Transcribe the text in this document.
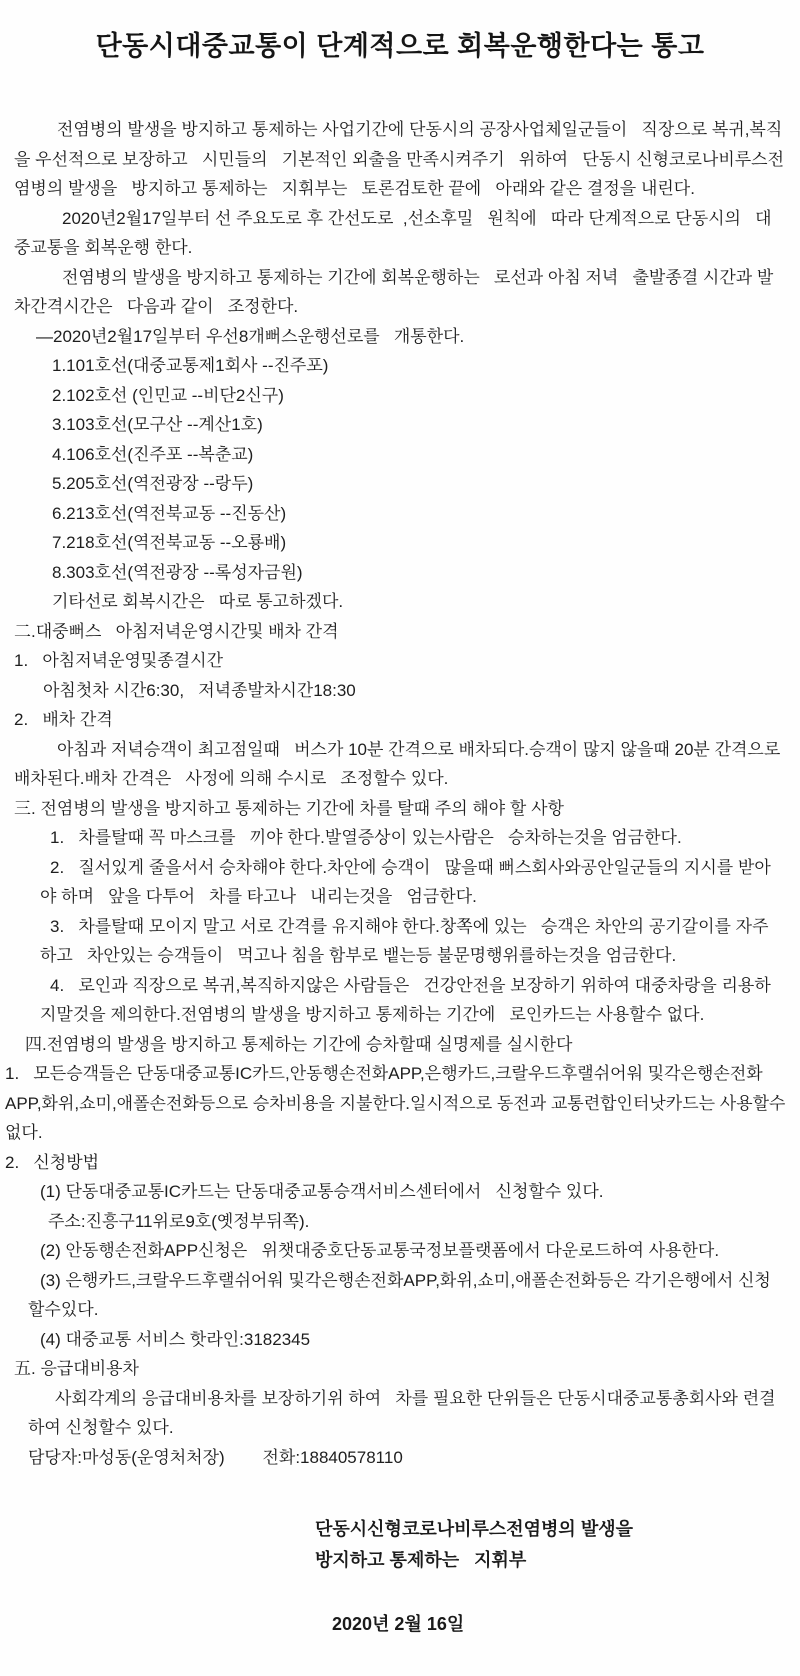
단동시대중교통이 단계적으로 회복운행한다는 통고

전염병의 발생을 방지하고 통제하는 사업기간에 단동시의 공장사업체일군들이   직장으로 복귀,복직을 우선적으로 보장하고   시민들의   기본적인 외출을 만족시켜주기   위하여   단동시 신형코로나비루스전염병의 발생을   방지하고 통제하는   지휘부는   토론검토한 끝에   아래와 같은 결정을 내린다.

2020년2월17일부터 선 주요도로 후 간선도로  ,선소후밀   원칙에   따라 단계적으로 단동시의   대중교통을 회복운행 한다.

전염병의 발생을 방지하고 통제하는 기간에 회복운행하는   로선과 아침 저녁   출발종결 시간과 발차간격시간은   다음과 같이   조정한다.

—2020년2월17일부터 우선8개뻐스운행선로를   개통한다.

1.101호선(대중교통제1회사 --진주포)

2.102호선 (인민교 --비단2신구)

3.103호선(모구산 --계산1호)

4.106호선(진주포 --복춘교)

5.205호선(역전광장 --랑두)

6.213호선(역전북교동 --진동산)

7.218호선(역전북교동 --오룡배)

8.303호선(역전광장 --록성자금원)

기타선로 회복시간은   따로 통고하겠다.

二.대중뻐스   아침저녁운영시간및 배차 간격

1.   아침저녁운영및종결시간

아침첫차 시간6:30,   저녁종발차시간18:30

2.   배차 간격

아침과 저녁승객이 최고점일때   버스가 10분 간격으로 배차되다.승객이 많지 않을때 20분 간격으로 배차된다.배차 간격은   사정에 의해 수시로   조정할수 있다.

三. 전염병의 발생을 방지하고 통제하는 기간에 차를 탈때 주의 해야 할 사항

1.   차를탈때 꼭 마스크를   끼야 한다.발열증상이 있는사람은   승차하는것을 엄금한다.

2.   질서있게 줄을서서 승차해야 한다.차안에 승객이   많을때 뻐스회사와공안일군들의 지시를 받아야 하며   앞을 다투어   차를 타고나   내리는것을   엄금한다.

3.   차를탈때 모이지 말고 서로 간격를 유지해야 한다.창쪽에 있는   승객은 차안의 공기갈이를 자주 하고   차안있는 승객들이   먹고나 침을 함부로 뱉는등 불문명행위를하는것을 엄금한다.

4.   로인과 직장으로 복귀,복직하지않은 사람들은   건강안전을 보장하기 위하여 대중차랑을 리용하지말것을 제의한다.전염병의 발생을 방지하고 통제하는 기간에   로인카드는 사용할수 없다.

四.전염병의 발생을 방지하고 통제하는 기간에 승차할때 실명제를 실시한다

1.   모든승객들은 단동대중교통IC카드,안동행손전화APP,은행카드,크랄우드후랠쉬어워 및각은행손전화APP,화위,쇼미,애폴손전화등으로 승차비용을 지불한다.일시적으로 동전과 교통련합인터낫카드는 사용할수 없다.

2.   신청방법

(1) 단동대중교통IC카드는 단동대중교통승객서비스센터에서   신청할수 있다.

주소:진흥구11위로9호(옛정부뒤쪽).

(2) 안동행손전화APP신청은   위챗대중호단동교통국정보플랫폼에서 다운로드하여 사용한다.

(3) 은행카드,크랄우드후랠쉬어워 및각은행손전화APP,화위,쇼미,애폴손전화등은 각기은행에서 신청할수있다.

(4) 대중교통 서비스 핫라인:3182345

五. 응급대비용차

사회각계의 응급대비용차를 보장하기위 하여   차를 필요한 단위들은 단동시대중교통총회사와 련결하여 신청할수 있다.

담당자:마성동(운영처처장)        전화:18840578110

단동시신형코로나비루스전염병의 발생을

방지하고 통제하는   지휘부

2020년 2월 16일
